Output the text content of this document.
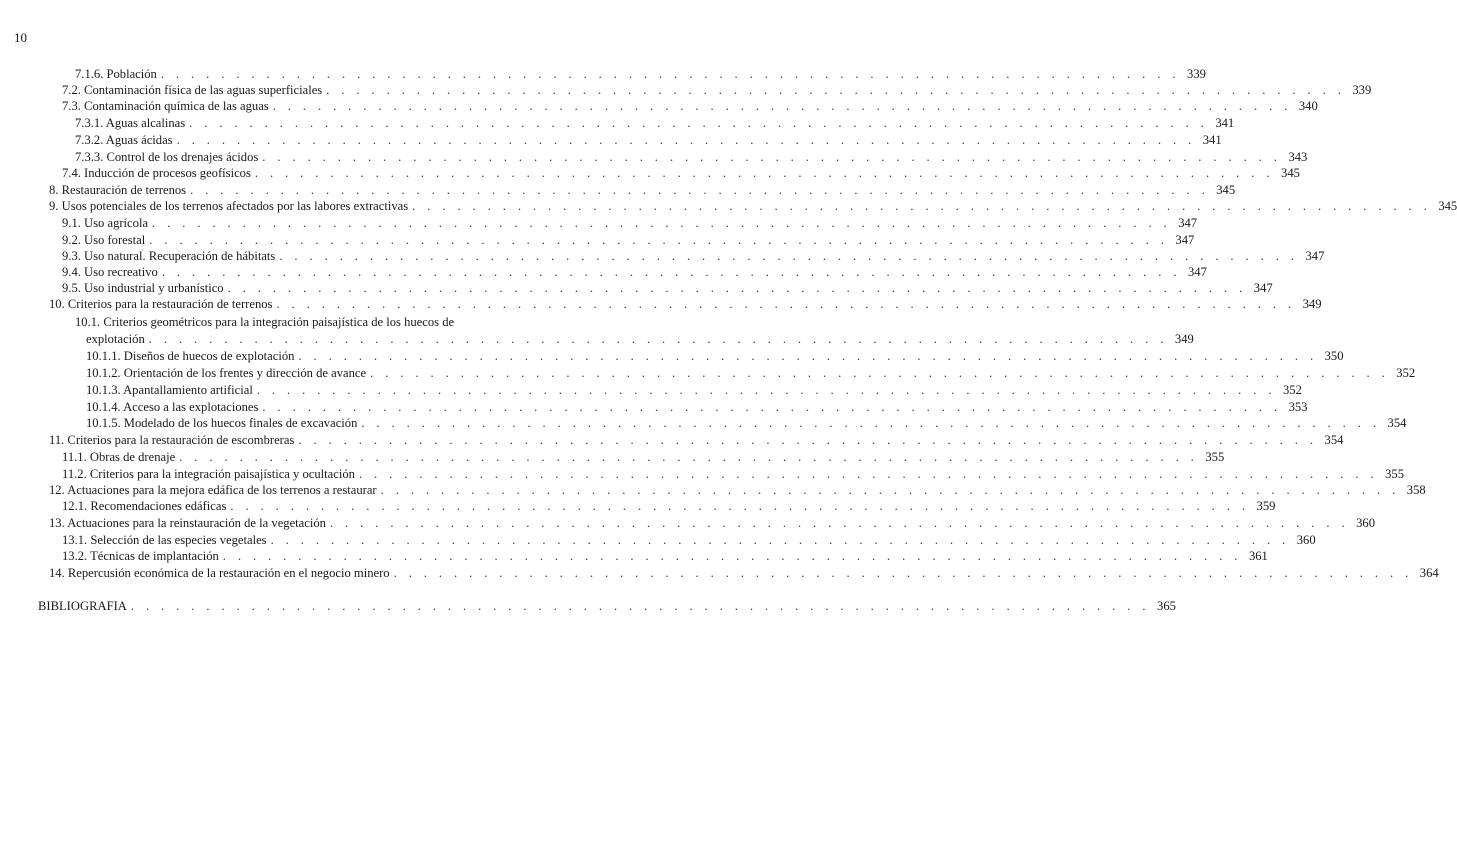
10
7.1.6. Población . . . . . . . . . . . . . . . . . . . . . . . . . . . . . . . . . . . . . . . . . . . . . . . . . . . . . . . . . . . . . . . . . . . . 339
7.2. Contaminación física de las aguas superficiales . . . . . . . . . . . . . . . . . . . . . . . . . . . . . . . . . . . . . . . . . . . . . . . . . . . . . . . . . . . . . . . . . . . . 339
7.3. Contaminación química de las aguas . . . . . . . . . . . . . . . . . . . . . . . . . . . . . . . . . . . . . . . . . . . . . . . . . . . . . . . . . . . . . . . . . . . . 340
7.3.1. Aguas alcalinas . . . . . . . . . . . . . . . . . . . . . . . . . . . . . . . . . . . . . . . . . . . . . . . . . . . . . . . . . . . . . . . . . . . . 341
7.3.2. Aguas ácidas . . . . . . . . . . . . . . . . . . . . . . . . . . . . . . . . . . . . . . . . . . . . . . . . . . . . . . . . . . . . . . . . . . . . 341
7.3.3. Control de los drenajes ácidos . . . . . . . . . . . . . . . . . . . . . . . . . . . . . . . . . . . . . . . . . . . . . . . . . . . . . . . . . . . . . . . . . . . . 343
7.4. Inducción de procesos geofísicos . . . . . . . . . . . . . . . . . . . . . . . . . . . . . . . . . . . . . . . . . . . . . . . . . . . . . . . . . . . . . . . . . . . . 345
8. Restauración de terrenos . . . . . . . . . . . . . . . . . . . . . . . . . . . . . . . . . . . . . . . . . . . . . . . . . . . . . . . . . . . . . . . . . . . . 345
9. Usos potenciales de los terrenos afectados por las labores extractivas . . . . . . . . . . . . . . . . . . . . . . . . . . . . . . . . . . . . . . . . . . . . . . . . . . . . . . . . . . . . . . . . . . . . 345
9.1. Uso agrícola . . . . . . . . . . . . . . . . . . . . . . . . . . . . . . . . . . . . . . . . . . . . . . . . . . . . . . . . . . . . . . . . . . . . 347
9.2. Uso forestal . . . . . . . . . . . . . . . . . . . . . . . . . . . . . . . . . . . . . . . . . . . . . . . . . . . . . . . . . . . . . . . . . . . . 347
9.3. Uso natural. Recuperación de hábitats . . . . . . . . . . . . . . . . . . . . . . . . . . . . . . . . . . . . . . . . . . . . . . . . . . . . . . . . . . . . . . . . . . . . 347
9.4. Uso recreativo . . . . . . . . . . . . . . . . . . . . . . . . . . . . . . . . . . . . . . . . . . . . . . . . . . . . . . . . . . . . . . . . . . . . 347
9.5. Uso industrial y urbanístico . . . . . . . . . . . . . . . . . . . . . . . . . . . . . . . . . . . . . . . . . . . . . . . . . . . . . . . . . . . . . . . . . . . . 347
10. Criterios para la restauración de terrenos . . . . . . . . . . . . . . . . . . . . . . . . . . . . . . . . . . . . . . . . . . . . . . . . . . . . . . . . . . . . . . . . . . . . 349
10.1. Criterios geométricos para la integración paisajística de los huecos de
explotación . . . . . . . . . . . . . . . . . . . . . . . . . . . . . . . . . . . . . . . . . . . . . . . . . . . . . . . . . . . . . . . . . . . . 349
10.1.1. Diseños de huecos de explotación . . . . . . . . . . . . . . . . . . . . . . . . . . . . . . . . . . . . . . . . . . . . . . . . . . . . . . . . . . . . . . . . . . . . 350
10.1.2. Orientación de los frentes y dirección de avance . . . . . . . . . . . . . . . . . . . . . . . . . . . . . . . . . . . . . . . . . . . . . . . . . . . . . . . . . . . . . . . . . . . . 352
10.1.3. Apantallamiento artificial . . . . . . . . . . . . . . . . . . . . . . . . . . . . . . . . . . . . . . . . . . . . . . . . . . . . . . . . . . . . . . . . . . . . 352
10.1.4. Acceso a las explotaciones . . . . . . . . . . . . . . . . . . . . . . . . . . . . . . . . . . . . . . . . . . . . . . . . . . . . . . . . . . . . . . . . . . . . 353
10.1.5. Modelado de los huecos finales de excavación . . . . . . . . . . . . . . . . . . . . . . . . . . . . . . . . . . . . . . . . . . . . . . . . . . . . . . . . . . . . . . . . . . . . 354
11. Criterios para la restauración de escombreras . . . . . . . . . . . . . . . . . . . . . . . . . . . . . . . . . . . . . . . . . . . . . . . . . . . . . . . . . . . . . . . . . . . . 354
11.1. Obras de drenaje . . . . . . . . . . . . . . . . . . . . . . . . . . . . . . . . . . . . . . . . . . . . . . . . . . . . . . . . . . . . . . . . . . . . 355
11.2. Criterios para la integración paisajística y ocultación . . . . . . . . . . . . . . . . . . . . . . . . . . . . . . . . . . . . . . . . . . . . . . . . . . . . . . . . . . . . . . . . . . . . 355
12. Actuaciones para la mejora edáfica de los terrenos a restaurar . . . . . . . . . . . . . . . . . . . . . . . . . . . . . . . . . . . . . . . . . . . . . . . . . . . . . . . . . . . . . . . . . . . . 358
12.1. Recomendaciones edáficas . . . . . . . . . . . . . . . . . . . . . . . . . . . . . . . . . . . . . . . . . . . . . . . . . . . . . . . . . . . . . . . . . . . . 359
13. Actuaciones para la reinstauración de la vegetación . . . . . . . . . . . . . . . . . . . . . . . . . . . . . . . . . . . . . . . . . . . . . . . . . . . . . . . . . . . . . . . . . . . . 360
13.1. Selección de las especies vegetales . . . . . . . . . . . . . . . . . . . . . . . . . . . . . . . . . . . . . . . . . . . . . . . . . . . . . . . . . . . . . . . . . . . . 360
13.2. Técnicas de implantación . . . . . . . . . . . . . . . . . . . . . . . . . . . . . . . . . . . . . . . . . . . . . . . . . . . . . . . . . . . . . . . . . . . . 361
14. Repercusión económica de la restauración en el negocio minero . . . . . . . . . . . . . . . . . . . . . . . . . . . . . . . . . . . . . . . . . . . . . . . . . . . . . . . . . . . . . . . . . . . . 364
BIBLIOGRAFIA . . . . . . . . . . . . . . . . . . . . . . . . . . . . . . . . . . . . . . . . . . . . . . . . . . . . . . . . . . . . . . . . . . . . 365
